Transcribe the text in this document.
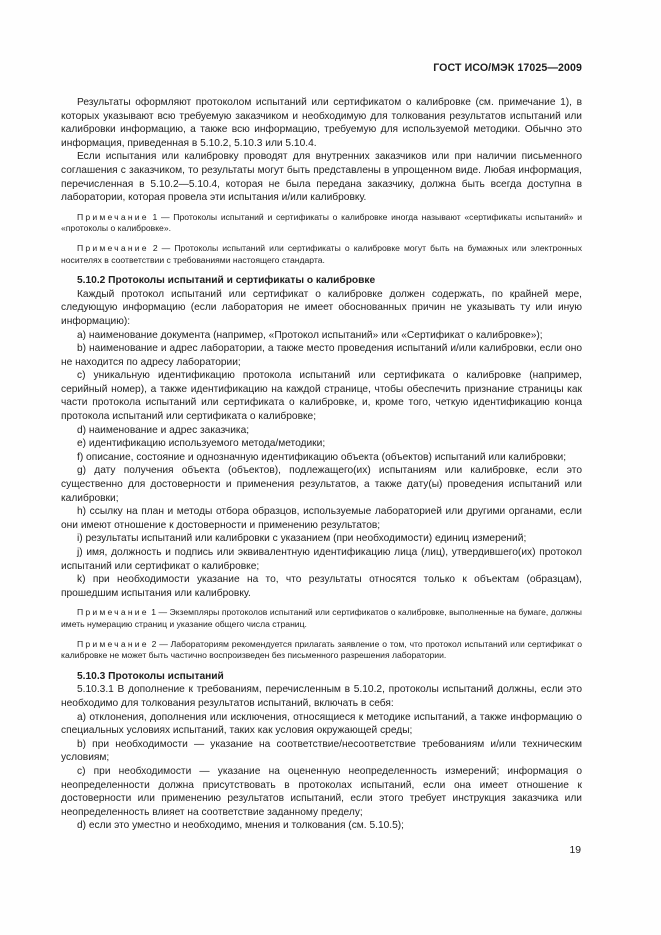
ГОСТ ИСО/МЭК 17025—2009

Результаты оформляют протоколом испытаний или сертификатом о калибровке (см. примечание 1), в которых указывают всю требуемую заказчиком и необходимую для толкования результатов испытаний или калибровки информацию, а также всю информацию, требуемую для используемой методики. Обычно это информация, приведенная в 5.10.2, 5.10.3 или 5.10.4.

Если испытания или калибровку проводят для внутренних заказчиков или при наличии письменного соглашения с заказчиком, то результаты могут быть представлены в упрощенном виде. Любая информация, перечисленная в 5.10.2—5.10.4, которая не была передана заказчику, должна быть всегда доступна в лаборатории, которая провела эти испытания и/или калибровку.

Примечание 1 — Протоколы испытаний и сертификаты о калибровке иногда называют «сертификаты испытаний» и «протоколы о калибровке».

Примечание 2 — Протоколы испытаний или сертификаты о калибровке могут быть на бумажных или электронных носителях в соответствии с требованиями настоящего стандарта.

5.10.2 Протоколы испытаний и сертификаты о калибровке

Каждый протокол испытаний или сертификат о калибровке должен содержать, по крайней мере, следующую информацию (если лаборатория не имеет обоснованных причин не указывать ту или иную информацию):

a) наименование документа (например, «Протокол испытаний» или «Сертификат о калибровке»);

b) наименование и адрес лаборатории, а также место проведения испытаний и/или калибровки, если оно не находится по адресу лаборатории;

c) уникальную идентификацию протокола испытаний или сертификата о калибровке (например, серийный номер), а также идентификацию на каждой странице, чтобы обеспечить признание страницы как части протокола испытаний или сертификата о калибровке, и, кроме того, четкую идентификацию конца протокола испытаний или сертификата о калибровке;

d) наименование и адрес заказчика;

e) идентификацию используемого метода/методики;

f) описание, состояние и однозначную идентификацию объекта (объектов) испытаний или калибровки;

g) дату получения объекта (объектов), подлежащего(их) испытаниям или калибровке, если это существенно для достоверности и применения результатов, а также дату(ы) проведения испытаний или калибровки;

h) ссылку на план и методы отбора образцов, используемые лабораторией или другими органами, если они имеют отношение к достоверности и применению результатов;

i) результаты испытаний или калибровки с указанием (при необходимости) единиц измерений;

j) имя, должность и подпись или эквивалентную идентификацию лица (лиц), утвердившего(их) протокол испытаний или сертификат о калибровке;

k) при необходимости указание на то, что результаты относятся только к объектам (образцам), прошедшим испытания или калибровку.

Примечание 1 — Экземпляры протоколов испытаний или сертификатов о калибровке, выполненные на бумаге, должны иметь нумерацию страниц и указание общего числа страниц.

Примечание 2 — Лабораториям рекомендуется прилагать заявление о том, что протокол испытаний или сертификат о калибровке не может быть частично воспроизведен без письменного разрешения лаборатории.

5.10.3 Протоколы испытаний

5.10.3.1 В дополнение к требованиям, перечисленным в 5.10.2, протоколы испытаний должны, если это необходимо для толкования результатов испытаний, включать в себя:

a) отклонения, дополнения или исключения, относящиеся к методике испытаний, а также информацию о специальных условиях испытаний, таких как условия окружающей среды;

b) при необходимости — указание на соответствие/несоответствие требованиям и/или техническим условиям;

c) при необходимости — указание на оцененную неопределенность измерений; информация о неопределенности должна присутствовать в протоколах испытаний, если она имеет отношение к достоверности или применению результатов испытаний, если этого требует инструкция заказчика или неопределенность влияет на соответствие заданному пределу;

d) если это уместно и необходимо, мнения и толкования (см. 5.10.5);

19
